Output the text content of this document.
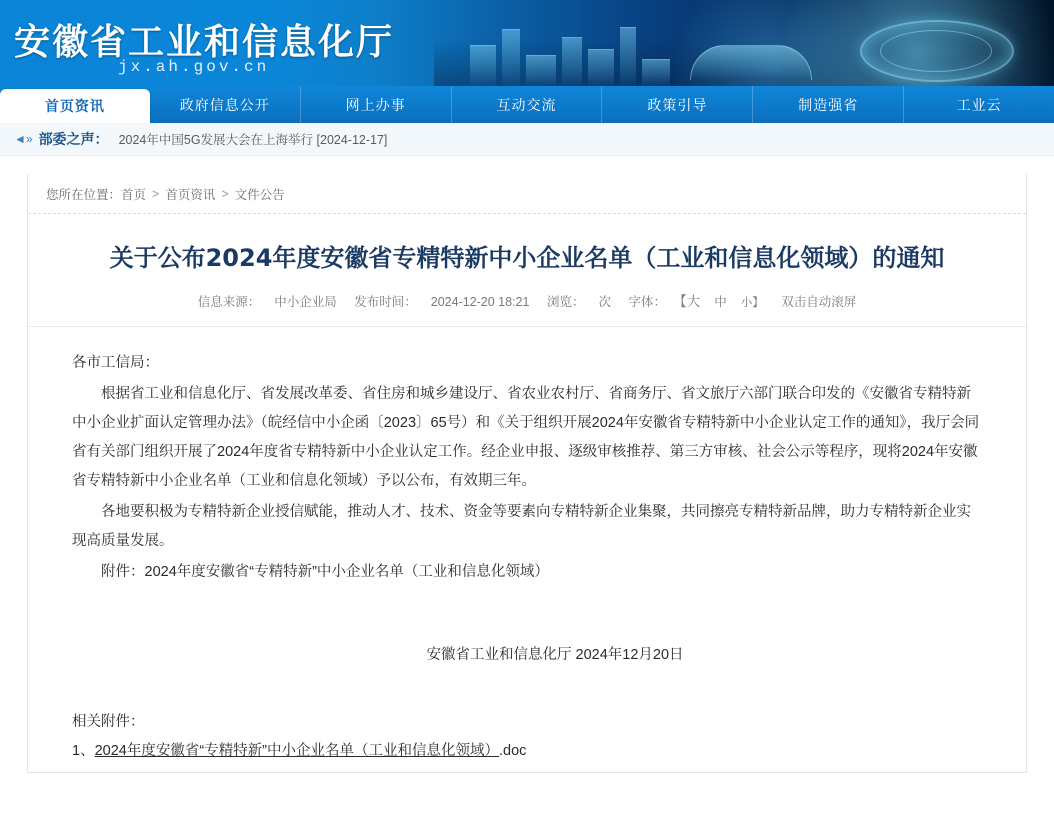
安徽省工业和信息化厅
jx.ah.gov.cn
首页资讯	政府信息公开	网上办事	互动交流	政策引导	制造强省	工业云
◄» 部委之声： 2024年中国5G发展大会在上海举行 [2024-12-17]
您所在位置： 首页 > 首页资讯 > 文件公告
关于公布2024年度安徽省专精特新中小企业名单（工业和信息化领域）的通知
信息来源： 中小企业局 发布时间： 2024-12-20 18:21 浏览： 次 字体： 【大 中 小】 双击自动滚屏

各市工信局：

根据省工业和信息化厅、省发展改革委、省住房和城乡建设厅、省农业农村厅、省商务厅、省文旅厅六部门联合印发的《安徽省专精特新中小企业扩面认定管理办法》（皖经信中小企函〔2023〕65号）和《关于组织开展2024年安徽省专精特新中小企业认定工作的通知》，我厅会同省有关部门组织开展了2024年度省专精特新中小企业认定工作。经企业申报、逐级审核推荐、第三方审核、社会公示等程序，现将2024年安徽省专精特新中小企业名单（工业和信息化领域）予以公布，有效期三年。

各地要积极为专精特新企业授信赋能，推动人才、技术、资金等要素向专精特新企业集聚，共同擦亮专精特新品牌，助力专精特新企业实现高质量发展。

附件：2024年度安徽省“专精特新”中小企业名单（工业和信息化领域）

安徽省工业和信息化厅 2024年12月20日
相关附件：
1、2024年度安徽省“专精特新”中小企业名单（工业和信息化领域）.doc
